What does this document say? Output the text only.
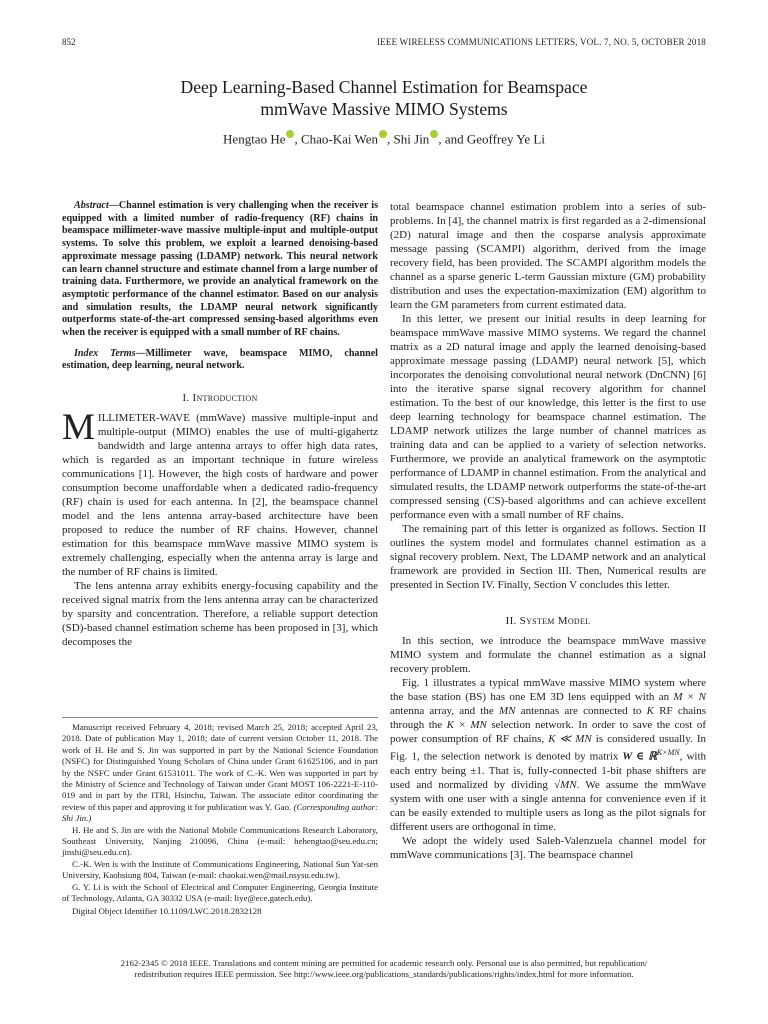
852	IEEE WIRELESS COMMUNICATIONS LETTERS, VOL. 7, NO. 5, OCTOBER 2018
Deep Learning-Based Channel Estimation for Beamspace
mmWave Massive MIMO Systems
Hengtao He , Chao-Kai Wen , Shi Jin , and Geoffrey Ye Li

Abstract—Channel estimation is very challenging when the receiver is equipped with a limited number of radio-frequency (RF) chains in beamspace millimeter-wave massive multiple-input and multiple-output systems. To solve this problem, we exploit a learned denoising-based approximate message passing (LDAMP) network. This neural network can learn channel structure and estimate channel from a large number of training data. Furthermore, we provide an analytical framework on the asymptotic performance of the channel estimator. Based on our analysis and simulation results, the LDAMP neural network significantly outperforms state-of-the-art compressed sensing-based algorithms even when the receiver is equipped with a small number of RF chains.

Index Terms—Millimeter wave, beamspace MIMO, channel estimation, deep learning, neural network.

I. Introduction

MILLIMETER-WAVE (mmWave) massive multiple-input and multiple-output (MIMO) enables the use of multi-gigahertz bandwidth and large antenna arrays to offer high data rates, which is regarded as an important technique in future wireless communications [1]. However, the high costs of hardware and power consumption become unaffordable when a dedicated radio-frequency (RF) chain is used for each antenna. In [2], the beamspace channel model and the lens antenna array-based architecture have been proposed to reduce the number of RF chains. However, channel estimation for this beamspace mmWave massive MIMO system is extremely challenging, especially when the antenna array is large and the number of RF chains is limited.

The lens antenna array exhibits energy-focusing capability and the received signal matrix from the lens antenna array can be characterized by sparsity and concentration. Therefore, a reliable support detection (SD)-based channel estimation scheme has been proposed in [3], which decomposes the

total beamspace channel estimation problem into a series of sub-problems. In [4], the channel matrix is first regarded as a 2-dimensional (2D) natural image and then the cosparse analysis approximate message passing (SCAMPI) algorithm, derived from the image recovery field, has been provided. The SCAMPI algorithm models the channel as a sparse generic L-term Gaussian mixture (GM) probability distribution and uses the expectation-maximization (EM) algorithm to learn the GM parameters from current estimated data.

In this letter, we present our initial results in deep learning for beamspace mmWave massive MIMO systems. We regard the channel matrix as a 2D natural image and apply the learned denoising-based approximate message passing (LDAMP) neural network [5], which incorporates the denoising convolutional neural network (DnCNN) [6] into the iterative sparse signal recovery algorithm for channel estimation. To the best of our knowledge, this letter is the first to use deep learning technology for beamspace channel estimation. The LDAMP network utilizes the large number of channel matrices as training data and can be applied to a variety of selection networks. Furthermore, we provide an analytical framework on the asymptotic performance of LDAMP in channel estimation. From the analytical and simulated results, the LDAMP network outperforms the state-of-the-art compressed sensing (CS)-based algorithms and can achieve excellent performance even with a small number of RF chains.

The remaining part of this letter is organized as follows. Section II outlines the system model and formulates channel estimation as a signal recovery problem. Next, The LDAMP network and an analytical framework are provided in Section III. Then, Numerical results are presented in Section IV. Finally, Section V concludes this letter.

II. System Model

In this section, we introduce the beamspace mmWave massive MIMO system and formulate the channel estimation as a signal recovery problem.

Fig. 1 illustrates a typical mmWave massive MIMO system where the base station (BS) has one EM 3D lens equipped with an M × N antenna array, and the MN antennas are connected to K RF chains through the K × MN selection network. In order to save the cost of power consumption of RF chains, K ≪ MN is considered usually. In Fig. 1, the selection network is denoted by matrix W ∈ ℝ$^{K\times MN}$, with each entry being ±1. That is, fully-connected 1-bit phase shifters are used and normalized by dividing √MN. We assume the mmWave system with one user with a single antenna for convenience even if it can be easily extended to multiple users as long as the pilot signals for different users are orthogonal in time.

We adopt the widely used Saleh-Valenzuela channel model for mmWave communications [3]. The beamspace channel

Manuscript received February 4, 2018; revised March 25, 2018; accepted April 23, 2018. Date of publication May 1, 2018; date of current version October 11, 2018. The work of H. He and S. Jin was supported in part by the National Science Foundation (NSFC) for Distinguished Young Scholars of China under Grant 61625106, and in part by the NSFC under Grant 61531011. The work of C.-K. Wen was supported in part by the Ministry of Science and Technology of Taiwan under Grant MOST 106-2221-E-110-019 and in part by the ITRI, Hsinchu, Taiwan. The associate editor coordinating the review of this paper and approving it for publication was Y. Gao. (Corresponding author: Shi Jin.)

H. He and S. Jin are with the National Mobile Communications Research Laboratory, Southeast University, Nanjing 210096, China (e-mail: hehengtao@seu.edu.cn; jinshi@seu.edu.cn).

C.-K. Wen is with the Institute of Communications Engineering, National Sun Yat-sen University, Kaohsiung 804, Taiwan (e-mail: chaokai.wen@mail.nsysu.edu.tw).

G. Y. Li is with the School of Electrical and Computer Engineering, Georgia Institute of Technology, Atlanta, GA 30332 USA (e-mail: liye@ece.gatech.edu).

Digital Object Identifier 10.1109/LWC.2018.2832128

2162-2345 © 2018 IEEE. Translations and content mining are permitted for academic research only. Personal use is also permitted, but republication/
redistribution requires IEEE permission. See http://www.ieee.org/publications_standards/publications/rights/index.html for more information.
